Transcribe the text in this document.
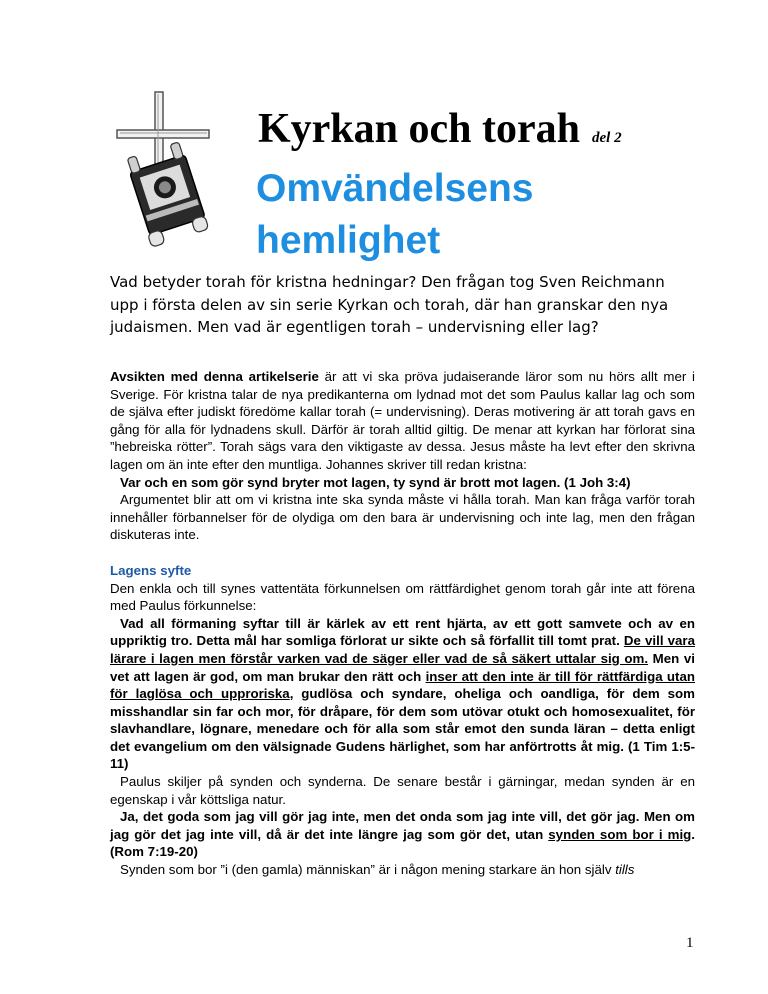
Kyrkan och torah del 2
Omvändelsens
hemlighet
Vad betyder torah för kristna hedningar? Den frågan tog Sven Reichmann upp i första delen av sin serie Kyrkan och torah, där han granskar den nya judaismen. Men vad är egentligen torah – undervisning eller lag?

Avsikten med denna artikelserie är att vi ska pröva judaiserande läror som nu hörs allt mer i Sverige. För kristna talar de nya predikanterna om lydnad mot det som Paulus kallar lag och som de själva efter judiskt föredöme kallar torah (= undervisning). Deras motivering är att torah gavs en gång för alla för lydnadens skull. Därför är torah alltid giltig. De menar att kyrkan har förlorat sina ”hebreiska rötter”. Torah sägs vara den viktigaste av dessa. Jesus måste ha levt efter den skrivna lagen om än inte efter den muntliga. Johannes skriver till redan kristna:

Var och en som gör synd bryter mot lagen, ty synd är brott mot lagen. (1 Joh 3:4)

Argumentet blir att om vi kristna inte ska synda måste vi hålla torah. Man kan fråga varför torah innehåller förbannelser för de olydiga om den bara är undervisning och inte lag, men den frågan diskuteras inte.

Lagens syfte

Den enkla och till synes vattentäta förkunnelsen om rättfärdighet genom torah går inte att förena med Paulus förkunnelse:

Vad all förmaning syftar till är kärlek av ett rent hjärta, av ett gott samvete och av en uppriktig tro. Detta mål har somliga förlorat ur sikte och så förfallit till tomt prat. De vill vara lärare i lagen men förstår varken vad de säger eller vad de så säkert uttalar sig om. Men vi vet att lagen är god, om man brukar den rätt och inser att den inte är till för rättfärdiga utan för laglösa och upproriska, gudlösa och syndare, oheliga och oandliga, för dem som misshandlar sin far och mor, för dråpare, för dem som utövar otukt och homosexualitet, för slavhandlare, lögnare, menedare och för alla som står emot den sunda läran – detta enligt det evangelium om den välsignade Gudens härlighet, som har anförtrotts åt mig. (1 Tim 1:5-11)

Paulus skiljer på synden och synderna. De senare består i gärningar, medan synden är en egenskap i vår köttsliga natur.

Ja, det goda som jag vill gör jag inte, men det onda som jag inte vill, det gör jag. Men om jag gör det jag inte vill, då är det inte längre jag som gör det, utan synden som bor i mig. (Rom 7:19-20)

Synden som bor ”i (den gamla) människan” är i någon mening starkare än hon själv tills

1
